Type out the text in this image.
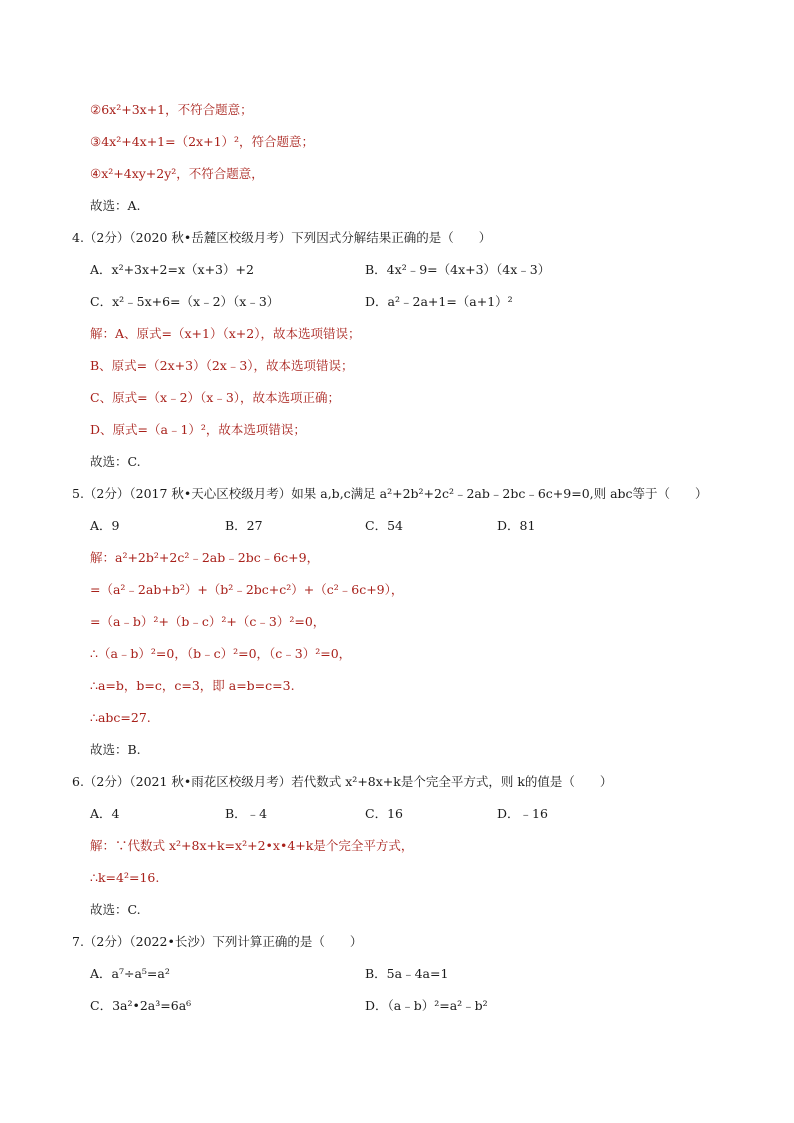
②6x²+3x+1，不符合题意；
③4x²+4x+1=（2x+1）²，符合题意；
④x²+4xy+2y²，不符合题意，
故选：A.
4.（2分）（2020 秋•岳麓区校级月考）下列因式分解结果正确的是（　　）
A．x²+3x+2=x（x+3）+2	B．4x²﹣9=（4x+3）（4x﹣3）
C．x²﹣5x+6=（x﹣2）（x﹣3）	D．a²﹣2a+1=（a+1）²
解：A、原式=（x+1）（x+2），故本选项错误；
B、原式=（2x+3）（2x﹣3），故本选项错误；
C、原式=（x﹣2）（x﹣3），故本选项正确；
D、原式=（a﹣1）²，故本选项错误；
故选：C.
5.（2分）（2017 秋•天心区校级月考）如果 a,b,c满足 a²+2b²+2c²﹣2ab﹣2bc﹣6c+9=0,则 abc等于（　　）
A．9	B．27	C．54	D．81
解：a²+2b²+2c²﹣2ab﹣2bc﹣6c+9，
=（a²﹣2ab+b²）+（b²﹣2bc+c²）+（c²﹣6c+9），
=（a﹣b）²+（b﹣c）²+（c﹣3）²=0，
∴（a﹣b）²=0，（b﹣c）²=0，（c﹣3）²=0，
∴a=b，b=c，c=3，即 a=b=c=3.
∴abc=27.
故选：B.
6.（2分）（2021 秋•雨花区校级月考）若代数式 x²+8x+k是个完全平方式，则 k的值是（　　）
A．4	B．﹣4	C．16	D．﹣16
解：∵代数式 x²+8x+k=x²+2•x•4+k是个完全平方式，
∴k=4²=16.
故选：C.
7.（2分）（2022•长沙）下列计算正确的是（　　）
A．a⁷÷a⁵=a²	B．5a﹣4a=1
C．3a²•2a³=6a⁶	D．（a﹣b）²=a²﹣b²
